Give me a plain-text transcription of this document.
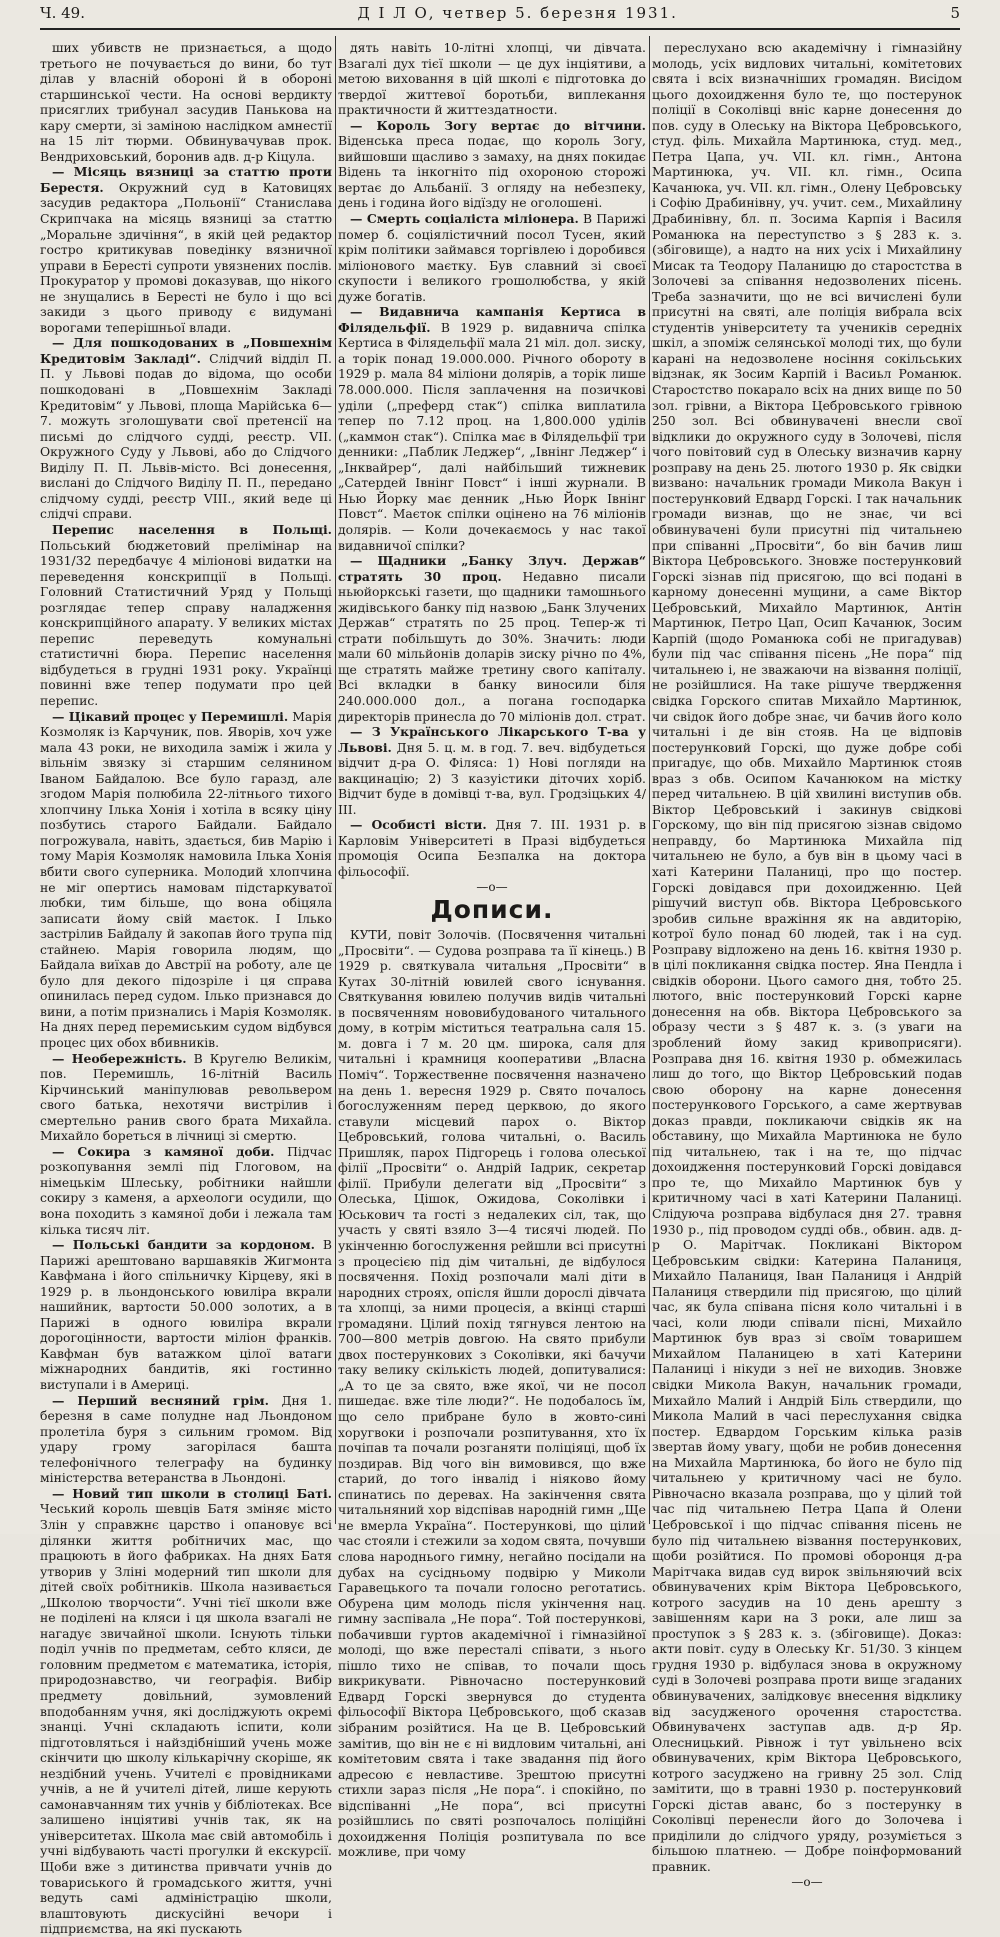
Ч. 49.	Д І Л О, четвер 5. березня 1931.	5

ших убивств не признається, а щодо третього не почувається до вини, бо тут ділав у власній обороні й в обороні старшинської чести. На основі вердикту присяглих трибунал засудив Панькова на кару смерти, зі заміною наслідком амнестії на 15 літ тюрми. Обвинувачував прок. Вендриховський, боронив адв. д-р Кіцула.

— Місяць вязниці за статтю проти Берестя. Окружний суд в Катовицях засудив редактора „Польонії“ Станислава Скрипчака на місяць вязниці за статтю „Моральне здичіння“, в якій цей редактор гостро критикував поведінку вязничної управи в Берестi супроти увязнених послів. Прокуратор у промові доказував, що нікого не знущались в Берестi не було і що всі закиди з цього приводу є видумані ворогами теперішньої влади.

— Для пошкодованих в „Повшехнім Кредитовім Закладі“. Слідчий відділ П. П. у Львові подав до відома, що особи пошкодовані в „Повшехнім Закладі Кредитовім“ у Львові, площа Марійська 6—7. можуть зголошувати свої претенсії на письмі до слідчого судді, реєстр. VII. Окружного Суду у Львові, або до Слідчого Виділу П. П. Львів-місто. Всі донесення, вислані до Слідчого Виділу П. П., передано слідчому судді, реєстр VIII., який веде ці слідчі справи.

Перепис населення в Польщі. Польський бюджетовий прелімінар на 1931/32 передбачує 4 міліонові видатки на переведення конскрипції в Польщі. Головний Статистичний Уряд у Польщі розглядає тепер справу наладження конскрипційного апарату. У великих містах перепис переведуть комунальні статистичні бюра. Перепис населення відбудеться в грудні 1931 року. Українці повинні вже тепер подумати про цей перепис.

— Цікавий процес у Перемишлі. Марія Козмоляк із Карчуник, пов. Яворів, хоч уже мала 43 роки, не виходила заміж і жила у вільнім звязку зі старшим селянином Іваном Байдалою. Все було гаразд, але згодом Марія полюбила 22-літнього тихого хлопчину Ілька Хонія і хотіла в всяку ціну позбутись старого Байдали. Байдало погрожувала, навіть, здається, бив Марію і тому Марія Козмоляк намовила Ілька Хонія вбити свого суперника. Молодий хлопчина не міг опертись намовам підстаркуватої любки, тим більше, що вона обіцяла записати йому свій маєток. І Ілько застрілив Байдалу й закопав його трупа під стайнею. Марія говорила людям, що Байдала виїхав до Австрії на роботу, але це було для декого підозріле і ця справа опинилась перед судом. Ілько признався до вини, а потім признались і Марія Козмоляк. На днях перед перемиським судом відбувся процес цих обох вбивників.

— Необережність. В Кругелю Великім, пов. Перемишль, 16-літній Василь Кірчинський маніпулював револьвером свого батька, нехотячи вистрілив і смертельно ранив свого брата Михайла. Михайло бореться в лічниці зі смертю.

— Сокира з камяної доби. Підчас розкопування землі під Глоговом, на німецькім Шлеську, робітники найшли сокиру з каменя, а археологи осудили, що вона походить з камяної доби і лежала там кілька тисяч літ.

— Польські бандити за кордоном. В Парижі арештовано варшавяків Жигмонта Кавфмана і його спільничку Кірцеву, які в 1929 р. в льондонського ювиліра вкрали нашийник, вартости 50.000 золотих, а в Парижі в одного ювиліра вкрали дорогоцінности, вартости міліон франків. Кавфман був ватажком цілої ватаги міжнародних бандитів, які гостинно виступали і в Америці.

— Перший весняний грім. Дня 1. березня в саме полудне над Льондоном пролетіла буря з сильним громом. Від удару грому загорілася башта телефонічного телеграфу на будинку міністерства ветеранства в Льондоні.

— Новий тип школи в столиці Баті. Чеський король шевців Батя зміняє місто Злін у справжнє царство і опановує всі ділянки життя робітничих мас, що працюють в його фабриках. На днях Батя утворив у Зліні модерний тип школи для дітей своїх робітників. Школа називається „Школою творчости“. Учні тієї школи вже не поділені на кляси і ця школа взагалі не нагадує звичайної школи. Існують тільки поділ учнів по предметам, себто кляси, де головним предметом є математика, історія, природознавство, чи географія. Вибір предмету довільний, зумовлений вподобанням учня, які досліджують окремі знанці. Учні складають іспити, коли підготовляться і найздібніший учень може скінчити цю школу кількарічну скоріше, як нездібний учень. Учителі є провідниками учнів, а не й учителі дітей, лише керують самонавчанням тих учнів у бібліотеках. Все залишено інціятиві учнів так, як на університетах. Школа має свій автомобіль і учні відбувають часті прогулки й екскурсії. Щоби вже з дитинства привчати учнів до товариського й громадського життя, учні ведуть самі адміністрацію школи, влаштовують дискусійні вечори і підприємства, на які пускають

дять навіть 10-літні хлопці, чи дівчата. Взагалі дух тієї школи — це дух інціятиви, а метою виховання в цій школі є підготовка до твердої життевої боротьби, виплекання практичности й життездатности.

— Король Зогу вертає до вітчини. Віденська преса подає, що король Зогу, вийшовши щасливо з замаху, на днях покидає Відень та інкогніто під охороною сторожі вертає до Альбанії. З огляду на небезпеку, день і година його відїзду не оголошені.

— Смерть соціаліста міліонера. В Парижі помер б. соціялістичний посол Тусен, який крім політики займався торгівлею і доробився міліонового маєтку. Був славний зі своєї скупости і великого грошолюбства, у якій дуже богатів.

— Видавнича кампанія Кертиса в Філядельфії. В 1929 р. видавнича спілка Кертиса в Філядельфії мала 21 міл. дол. зиску, а торік понад 19.000.000. Річного обороту в 1929 р. мала 84 міліони долярів, а торік лише 78.000.000. Після заплачення на позичкові уділи („преферд стак“) спілка виплатила тепер по 7.12 проц. на 1,800.000 уділів („каммон стак“). Спілка має в Філядельфії три денники: „Паблик Леджер“, „Івнінг Леджер“ і „Інквайрер“, далі найбільший тижневик „Сатердей Івнінг Повст“ і інші журнали. В Нью Йорку має денник „Нью Йорк Івнінг Повст“. Маєток спілки оцінено на 76 міліонів долярів. — Коли дочекаємось у нас такої видавничої спілки?

— Щадники „Банку Злуч. Держав“ стратять 30 проц. Недавно писали ньюйоркські газети, що щадники тамошнього жидівського банку під назвою „Банк Злучених Держав“ стратять по 25 проц. Тепер-ж ті страти побільшуть до 30%. Значить: люди мали 60 мільйонів доларів зиску річно по 4%, ще стратять майже третину свого капіталу. Всі вкладки в банку виносили біля 240.000.000 дол., а погана господарка директорів принесла до 70 міліонів дол. страт.

— З Українського Лікарського Т-ва у Львові. Дня 5. ц. м. в год. 7. веч. відбудеться відчит д-ра О. Філяса: 1) Нові погляди на вакцинацію; 2) З казуістики діточих хоріб. Відчит буде в домівці т-ва, вул. Гродзіцьких 4/ІІІ.

— Особисті вісти. Дня 7. ІІІ. 1931 р. в Карловім Університеті в Празі відбудеться промоція Осипа Безпалка на доктора фільософії.

—о—
Дописи.

КУТИ, повіт Золочів. (Посвячення читальні „Просвіти“. — Судова розправа та її кінець.) В 1929 р. святкувала читальня „Просвіти“ в Кутах 30-літній ювилей свого існування. Святкування ювилею получив видів читальні в посвяченням нововибудованого читального дому, в котрім міститься театральна саля 15. м. довга і 7 м. 20 цм. широка, саля для читальні і крамниця кооперативи „Власна Поміч“. Торжественне посвячення назначено на день 1. вересня 1929 р. Свято почалось богослуженням перед церквою, до якого ставули місцевий парох о. Віктор Цебровський, голова читальні, о. Василь Пришляк, парох Підгорець і голова олеської філії „Просвіти“ о. Андрій Іадрик, секретар філії. Прибули делегати від „Просвіти“ з Олеська, Цішок, Ожидова, Соколівки і Юськович та гості з недалеких сіл, так, що участь у святі взяло 3—4 тисячі людей. По укінченню богослуження рейшли всі присутні з процесією під дім читальні, де відбулося посвячення. Похід розпочали малі діти в народних строях, опісля йшли дорослі дівчата та хлопці, за ними процесія, а вкінці старші громадяни. Цілий похід тягнувся лентою на 700—800 метрів довгою. На свято прибули двох постерункових з Соколівки, які бачучи таку велику скількість людей, допитувалися: „А то це за свято, вже якої, чи не посол пишедає. вже тіле люди?“. Не подобалось їм, що село прибране було в жовто-сині хоругвоки і розпочали розпитування, хто їх почіпав та почали розганяти поліціяці, щоб їх поздирав. Від чого він вимовився, що вже старий, до того інвалід і ніяково йому спинатись по деревах. На закінчення свята читальняний хор відспівав народній гимн „Ще не вмерла Україна“. Постерункові, що цілий час стояли і стежили за ходом свята, почувши слова народнього гимну, негайно посідали на дубах на сусідньому подвірю у Миколи Гаравецького та почали голосно реготатись. Обурена цим молодь після укінчення нац. гимну заспівала „Не пора“. Той постерункові, побачивши гуртов академічної і гімназійної молоді, що вже пересталі співати, з нього пішло тихо не співав, то почали щось викрикувати. Рівночасно постерунковий Едвард Горскі звернувся до студента фільософії Віктора Цебровського, щоб сказав зібраним розійтися. На це В. Цебровський замітив, що він не є ні видловим читальні, ані комітетовим свята і таке звадання під його адресою є невластиве. Зрештою присутні стихли зараз після „Не пора“. і спокійно, по відспіванні „Не пора“, всі присутні розійшлись по святі розпочалось поліційні дохоидження Поліція розпитувала по все можливе, при чому

переслухано всю академічну і гімназійну молодь, усіх видлових читальні, комітетових свята і всіх визначніших громадян. Висідом цього дохоидження було те, що постерунок поліції в Соколівці вніс карне донесення до пов. суду в Олеську на Віктора Цебровського, студ. філь. Михайла Мартинюка, студ. мед., Петра Цапа, уч. VII. кл. гімн., Антона Мартинюка, уч. VII. кл. гімн., Осипа Качанюка, уч. VII. кл. гімн., Олену Цебровську і Софію Драбинівну, уч. учит. сем., Михайлину Драбинівну, бл. п. Зосима Карпія і Василя Романюка на переступство з § 283 к. з. (збіговище), а надто на них усіх і Михайлину Мисак та Теодору Паланицю до старостства в Золочеві за співання недозволених пісень. Треба зазначити, що не всі вичислені були присутні на святі, але поліція вибрала всіх студентів університету та учеників середніх шкіл, а зпоміж селянської молоді тих, що були карані на недозволене носіння сокільських відзнак, як Зосим Карпій і Васиьл Романюк. Старостство покарало всіх на дних вище по 50 зол. грівни, а Віктора Цебровського грівною 250 зол. Всі обвинувачені внесли свої відклики до окружного суду в Золочеві, після чого повітовий суд в Олеську визначив карну розправу на день 25. лютого 1930 р. Як свідки визвано: начальник громади Микола Вакун і постерунковий Едвард Горскі. І так начальник громади визнав, що не знає, чи всі обвинувачені були присутні під читальнею при співанні „Просвіти“, бо він бачив лиш Віктора Цебровського. Зновже постерунковий Горскі зізнав під присягою, що всі подані в карному донесенні мущини, а саме Віктор Цебровський, Михайло Мартинюк, Антін Мартинюк, Петро Цап, Осип Качанюк, Зосим Карпій (щодо Романюка собі не пригадував) були під час співання пісень „Не пора“ під читальнею і, не зважаючи на візвання поліції, не розійшлися. На таке рішуче твердження свідка Горского спитав Михайло Мартинюк, чи свідок його добре знає, чи бачив його коло читальні і де він стояв. На це відповів постерунковий Горскі, що дуже добре собі пригадує, що обв. Михайло Мартинюк стояв враз з обв. Осипом Качанюком на містку перед читальнею. В цій хвилині виступив обв. Віктор Цебровський і закинув свідкові Горскому, що він під присягою зізнав свідомо неправду, бо Мартинюка Михайла під читальнею не було, а був він в цьому часі в хаті Катерини Паланиці, про що постер. Горскі довідався при дохоидженню. Цей рішучий виступ обв. Віктора Цебровського зробив сильне вражіння як на авдиторію, котрої було понад 60 людей, так і на суд. Розправу відложено на день 16. квітня 1930 р. в цілі покликання свідка постер. Яна Пендла і свідків оборони. Цього самого дня, тобто 25. лютого, вніс постерунковий Горскі карне донесення на обв. Віктора Цебровського за образу чести з § 487 к. з. (з уваги на зроблений йому закид кривоприсяги). Розправа дня 16. квітня 1930 р. обмежилась лиш до того, що Віктор Цебровський подав свою оборону на карне донесення постерункового Горського, а саме жертвував доказ правди, покликаючи свідків як на обставину, що Михайла Мартинюка не було під читальнею, так і на те, що підчас дохоидження постерунковий Горскі довідався про те, що Михайло Мартинюк був у критичному часі в хаті Катерини Паланиці. Слідуюча розправа відбулася дня 27. травня 1930 р., під проводом судді обв., обвин. адв. д-р О. Марітчак. Покликані Віктором Цебровським свідки: Катерина Паланиця, Михайло Паланиця, Іван Паланиця і Андрій Паланиця ствердили під присягою, що цілий час, як була співана пісня коло читальні і в часі, коли люди співали пісні, Михайло Мартинюк був враз зі своїм товаришем Михайлом Паланицею в хаті Катерини Паланиці і нікуди з неї не виходив. Зновже свідки Микола Вакун, начальник громади, Михайло Малий і Андрій Біль ствердили, що Микола Малий в часі переслухання свідка постер. Едвардом Горським кілька разів звертав йому увагу, щоби не робив донесення на Михайла Мартинюка, бо його не було під читальнею у критичному часі не було. Рівночасно вказала розправа, що у цілий той час під читальнею Петра Цапа й Олени Цебровської і що підчас співання пісень не було під читальнею візвання постерункових, щоби розійтися. По промові оборонця д-ра Марітчака видав суд вирок звільняючий всіх обвинувачених крім Віктора Цебровського, котрого засудив на 10 день арешту з завішенням кари на 3 роки, але лиш за проступок з § 283 к. з. (збіговище). Доказ: акти повіт. суду в Олеську Кг. 51/30. З кінцем грудня 1930 р. відбулася знова в окружному суді в Золочеві розправа проти вище згаданих обвинувачених, залідковує внесення відклику від засудженого орочення старостства. Обвинуваченх заступав адв. д-р Яр. Олесницький. Рівнож і тут увільнено всіх обвинувачених, крім Віктора Цебровського, котрого засуджено на гривну 25 зол. Слід замітити, що в травні 1930 р. постерунковий Горскі дістав аванс, бо з постерунку в Соколівці перенесли його до Золочева і приділили до слідчого уряду, розуміється з більшою платнею. — Добре поінформований правник.

—о—
